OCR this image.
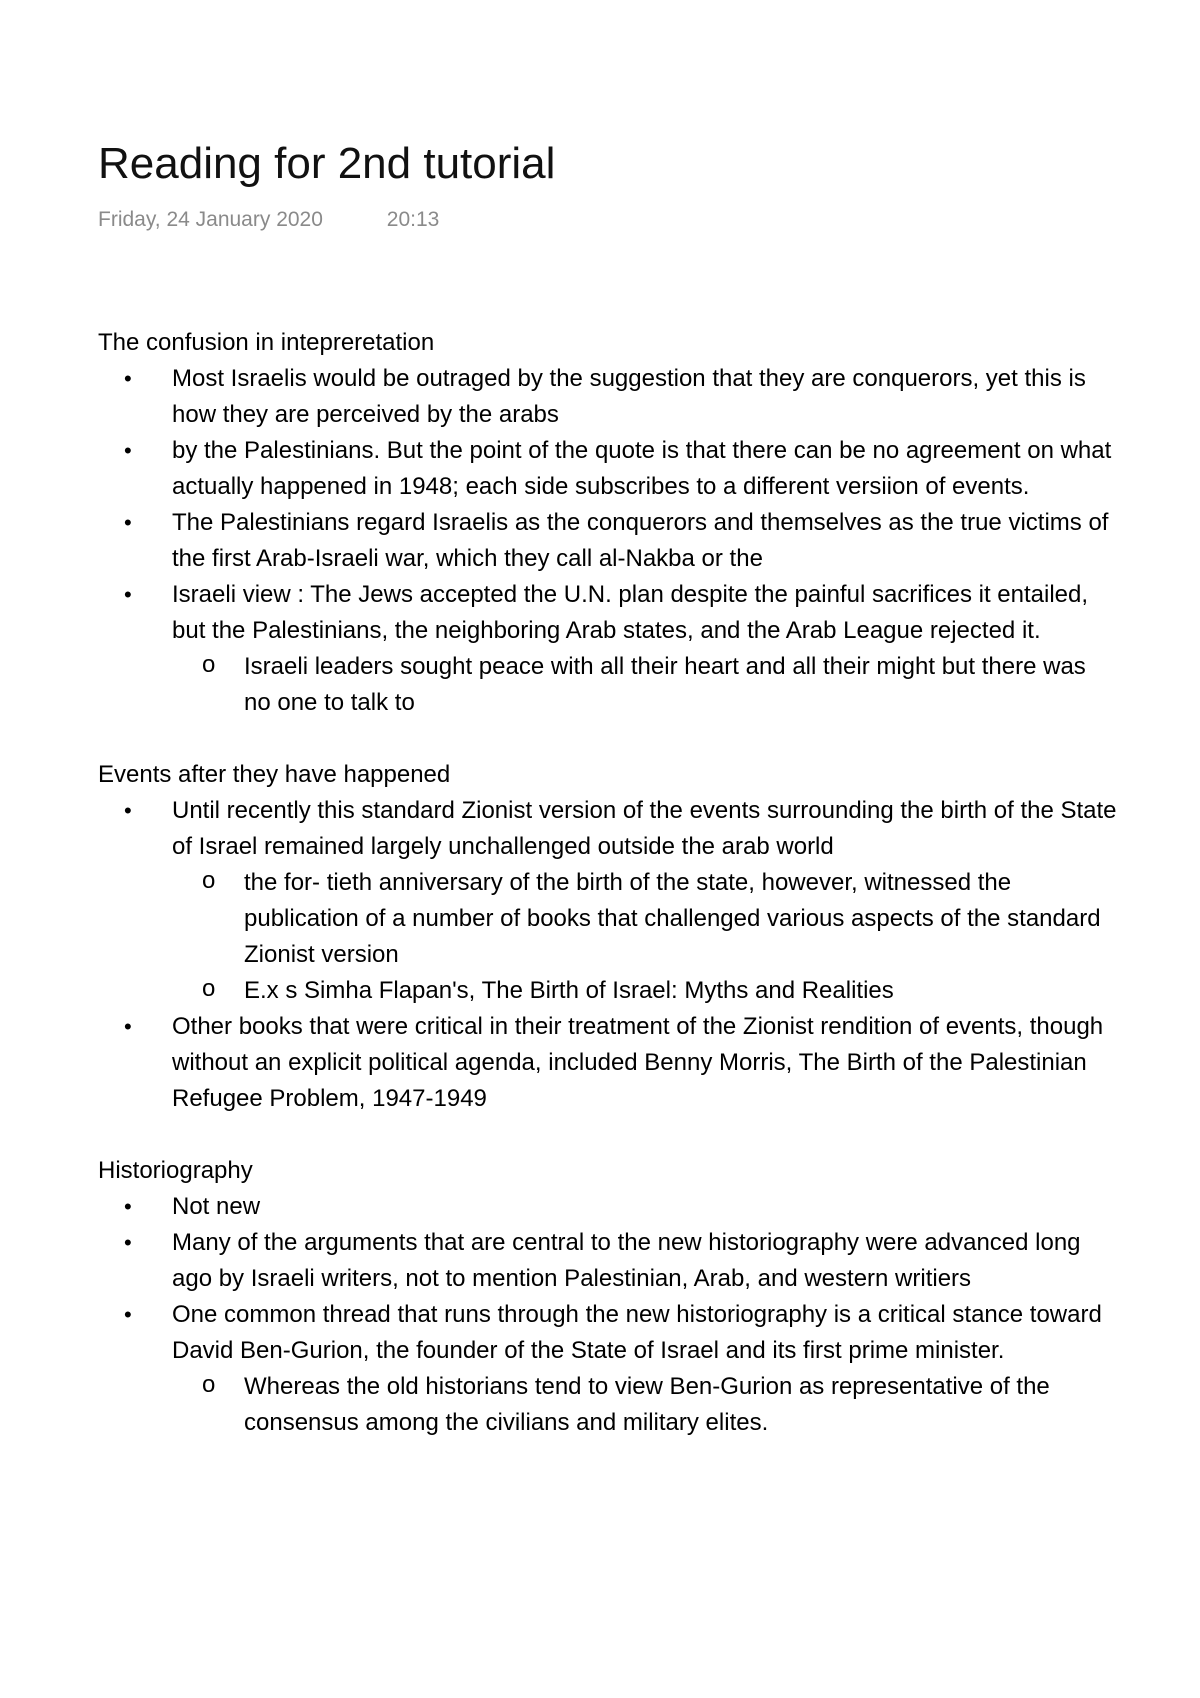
Reading for 2nd tutorial
Friday, 24 January 2020	20:13

The confusion in intepreretation

• Most Israelis would be outraged by the suggestion that they are conquerors, yet this is how they are perceived by the arabs
• by the Palestinians. But the point of the quote is that there can be no agreement on what actually happened in 1948; each side subscribes to a different versiion of events.
• The Palestinians regard Israelis as the conquerors and themselves as the true victims of the first Arab-Israeli war, which they call al-Nakba or the
• Israeli view : The Jews accepted the U.N. plan despite the painful sacrifices it entailed, but the Palestinians, the neighboring Arab states, and the Arab League rejected it.
o Israeli leaders sought peace with all their heart and all their might but there was no one to talk to

Events after they have happened

• Until recently this standard Zionist version of the events surrounding the birth of the State of Israel remained largely unchallenged outside the arab world
o the for- tieth anniversary of the birth of the state, however, witnessed the publication of a number of books that challenged various aspects of the standard Zionist version
o E.x s Simha Flapan's, The Birth of Israel: Myths and Realities
• Other books that were critical in their treatment of the Zionist rendition of events, though without an explicit political agenda, included Benny Morris, The Birth of the Palestinian Refugee Problem, 1947-1949

Historiography

• Not new
• Many of the arguments that are central to the new historiography were advanced long ago by Israeli writers, not to mention Palestinian, Arab, and western writiers
• One common thread that runs through the new historiography is a critical stance toward David Ben-Gurion, the founder of the State of Israel and its first prime minister.
o Whereas the old historians tend to view Ben-Gurion as representative of the consensus among the civilians and military elites.
